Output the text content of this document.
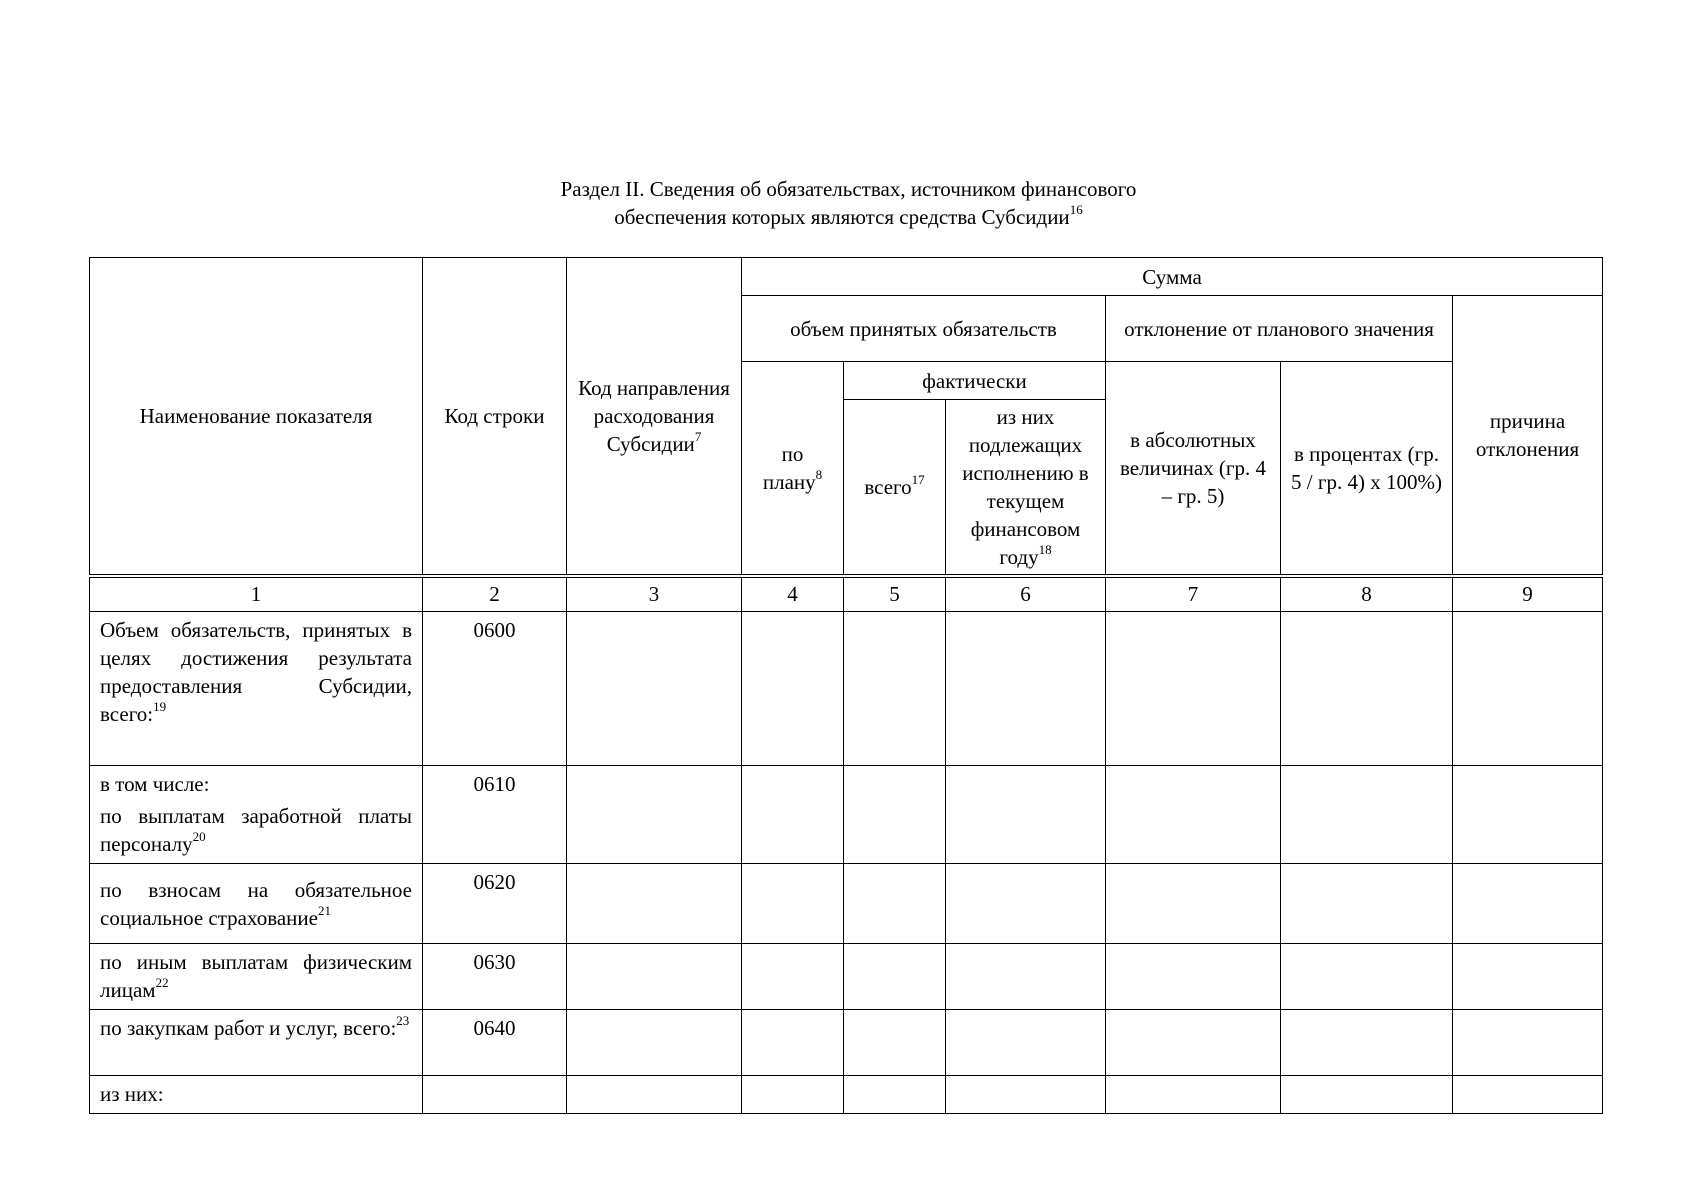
Раздел II. Сведения об обязательствах, источником финансового
обеспечения которых являются средства Субсидии$^{16}$
Наименование показателя	Код строки	Код направления расходования Субсидии$^7$	Сумма					
			объем принятых обязательств			отклонение от планового значения		причина отклонения
			по плану$^8$	фактически		в абсолютных величинах (гр. 4 – гр. 5)	в процентах (гр. 5 / гр. 4) x 100%)	
				всего$^{17}$	из них подлежащих исполнению в текущем финансовом году$^{18}$
1	2	3	4	5	6	7	8	9
Объем обязательств, принятых в целях достижения результата предоставления Субсидии, всего:$^{19}$	0600							

в том числе:
по выплатам заработной платы персоналу$^{20}$	0610							
по взносам на обязательное социальное страхование$^{21}$	0620							
по иным выплатам физическим лицам$^{22}$	0630							
по закупкам работ и услуг, всего:$^{23}$	0640							
из них:								
